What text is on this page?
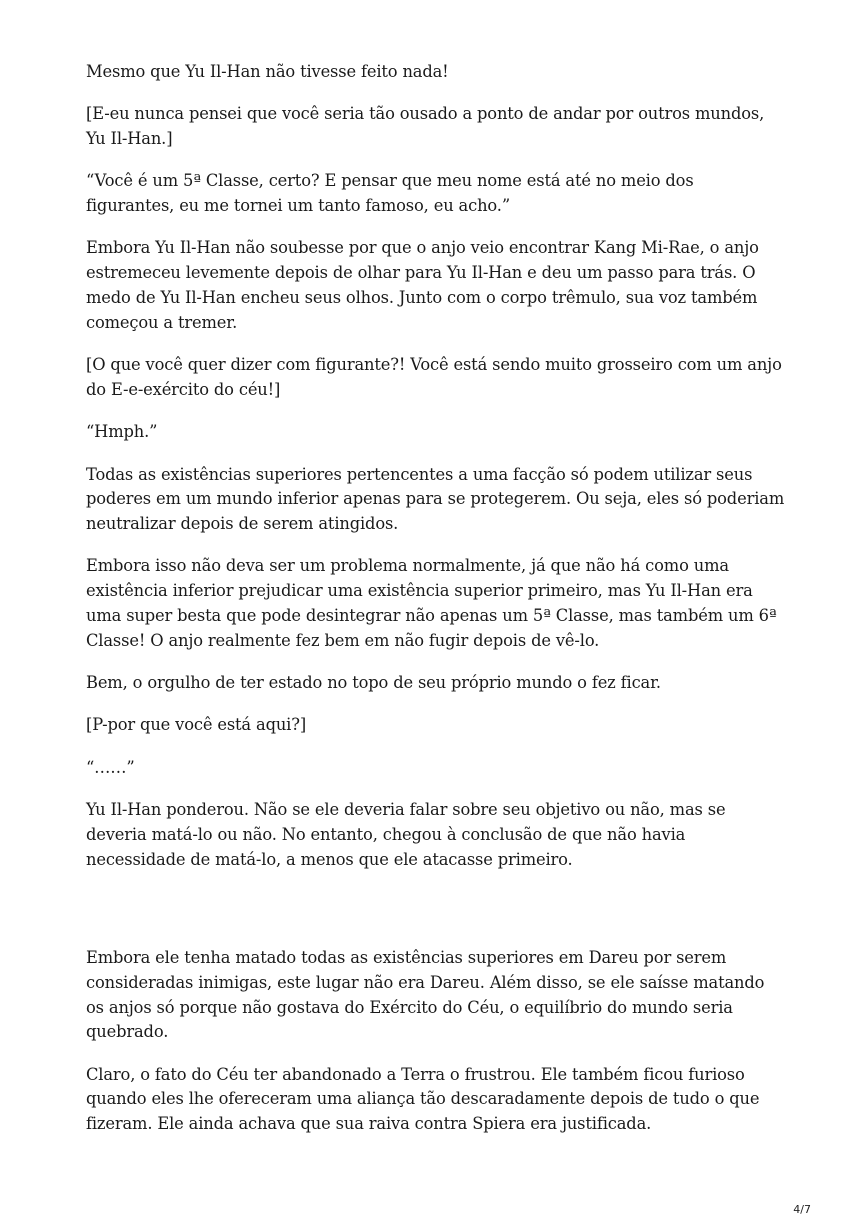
Mesmo que Yu Il-Han não tivesse feito nada!

[E-eu nunca pensei que você seria tão ousado a ponto de andar por outros mundos, Yu Il-Han.]

“Você é um 5ª Classe, certo? E pensar que meu nome está até no meio dos figurantes, eu me tornei um tanto famoso, eu acho.”

Embora Yu Il-Han não soubesse por que o anjo veio encontrar Kang Mi-Rae, o anjo estremeceu levemente depois de olhar para Yu Il-Han e deu um passo para trás. O medo de Yu Il-Han encheu seus olhos. Junto com o corpo trêmulo, sua voz também começou a tremer.

[O que você quer dizer com figurante?! Você está sendo muito grosseiro com um anjo do E-e-exército do céu!]

“Hmph.”

Todas as existências superiores pertencentes a uma facção só podem utilizar seus poderes em um mundo inferior apenas para se protegerem. Ou seja, eles só poderiam neutralizar depois de serem atingidos.

Embora isso não deva ser um problema normalmente, já que não há como uma existência inferior prejudicar uma existência superior primeiro, mas Yu Il-Han era uma super besta que pode desintegrar não apenas um 5ª Classe, mas também um 6ª Classe! O anjo realmente fez bem em não fugir depois de vê-lo.

Bem, o orgulho de ter estado no topo de seu próprio mundo o fez ficar.

[P-por que você está aqui?]

“……”

Yu Il-Han ponderou. Não se ele deveria falar sobre seu objetivo ou não, mas se deveria matá-lo ou não. No entanto, chegou à conclusão de que não havia necessidade de matá-lo, a menos que ele atacasse primeiro.

Embora ele tenha matado todas as existências superiores em Dareu por serem consideradas inimigas, este lugar não era Dareu. Além disso, se ele saísse matando os anjos só porque não gostava do Exército do Céu, o equilíbrio do mundo seria quebrado.

Claro, o fato do Céu ter abandonado a Terra o frustrou. Ele também ficou furioso quando eles lhe ofereceram uma aliança tão descaradamente depois de tudo o que fizeram. Ele ainda achava que sua raiva contra Spiera era justificada.

4/7
